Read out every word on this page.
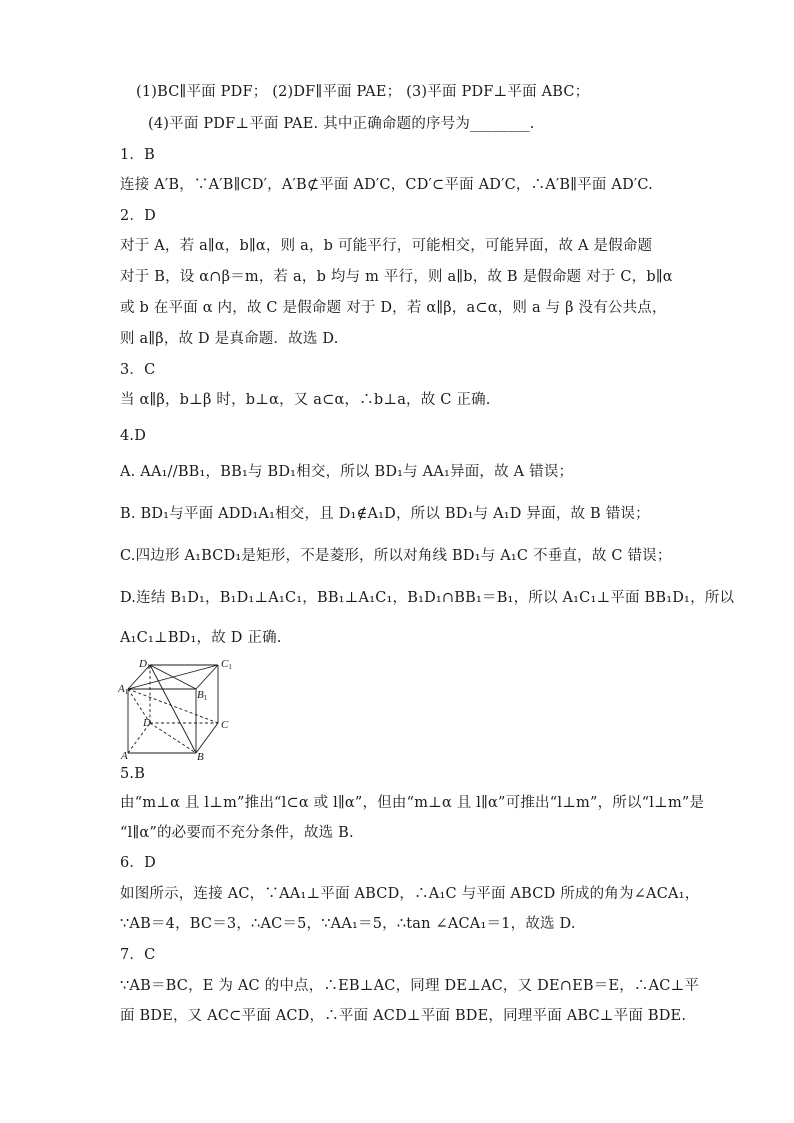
(1)BC∥平面 PDF； (2)DF∥平面 PAE； (3)平面 PDF⊥平面 ABC；
(4)平面 PDF⊥平面 PAE. 其中正确命题的序号为________.
1．B
连接 A′B，∵A′B∥CD′，A′B⊄平面 AD′C，CD′⊂平面 AD′C，∴A′B∥平面 AD′C.
2．D
对于 A，若 a∥α，b∥α，则 a，b 可能平行，可能相交，可能异面，故 A 是假命题
对于 B，设 α∩β＝m，若 a，b 均与 m 平行，则 a∥b，故 B 是假命题 对于 C，b∥α
或 b 在平面 α 内，故 C 是假命题 对于 D，若 α∥β，a⊂α，则 a 与 β 没有公共点，
则 a∥β，故 D 是真命题．故选 D.
3．C
当 α∥β，b⊥β 时，b⊥α，又 a⊂α，∴b⊥a，故 C 正确.
4.D
A. AA₁//BB₁，BB₁与 BD₁相交，所以 BD₁与 AA₁异面，故 A 错误；
B. BD₁与平面 ADD₁A₁相交，且 D₁∉A₁D，所以 BD₁与 A₁D 异面，故 B 错误；
C.四边形 A₁BCD₁是矩形，不是菱形，所以对角线 BD₁与 A₁C 不垂直，故 C 错误；
D.连结 B₁D₁，B₁D₁⊥A₁C₁，BB₁⊥A₁C₁，B₁D₁∩BB₁＝B₁，所以 A₁C₁⊥平面 BB₁D₁，所以
A₁C₁⊥BD₁，故 D 正确.
D1	C1
A1	B1
D	C
A	B
5.B
由“m⊥α 且 l⊥m”推出“l⊂α 或 l∥α”，但由“m⊥α 且 l∥α”可推出“l⊥m”，所以“l⊥m”是
“l∥α”的必要而不充分条件，故选 B.
6．D
如图所示，连接 AC，∵AA₁⊥平面 ABCD，∴A₁C 与平面 ABCD 所成的角为∠ACA₁，
∵AB＝4，BC＝3，∴AC＝5，∵AA₁＝5，∴tan ∠ACA₁＝1，故选 D.
7．C
∵AB＝BC，E 为 AC 的中点，∴EB⊥AC，同理 DE⊥AC，又 DE∩EB＝E，∴AC⊥平
面 BDE，又 AC⊂平面 ACD，∴平面 ACD⊥平面 BDE，同理平面 ABC⊥平面 BDE.
